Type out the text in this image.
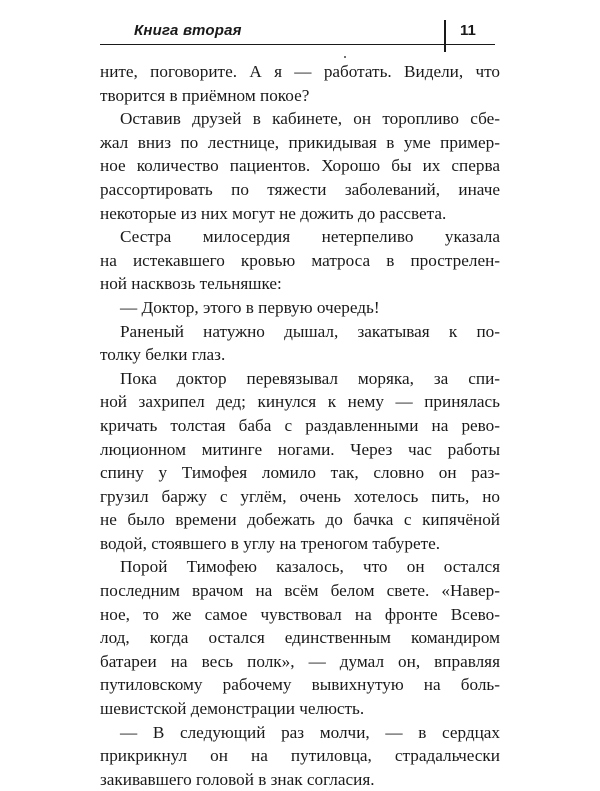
Книга вторая	11
ните, поговорите. А я — работать. Видели, что
творится в приёмном покое?
Оставив друзей в кабинете, он торопливо сбе-
жал вниз по лестнице, прикидывая в уме пример-
ное количество пациентов. Хорошо бы их сперва
рассортировать по тяжести заболеваний, иначе
некоторые из них могут не дожить до рассвета.
Сестра милосердия нетерпеливо указала
на истекавшего кровью матроса в прострелен-
ной насквозь тельняшке:
— Доктор, этого в первую очередь!
Раненый натужно дышал, закатывая к по-
толку белки глаз.
Пока доктор перевязывал моряка, за спи-
ной захрипел дед; кинулся к нему — принялась
кричать толстая баба с раздавленными на рево-
люционном митинге ногами. Через час работы
спину у Тимофея ломило так, словно он раз-
грузил баржу с углём, очень хотелось пить, но
не было времени добежать до бачка с кипячёной
водой, стоявшего в углу на треногом табурете.
Порой Тимофею казалось, что он остался
последним врачом на всём белом свете. «Навер-
ное, то же самое чувствовал на фронте Всево-
лод, когда остался единственным командиром
батареи на весь полк», — думал он, вправляя
путиловскому рабочему вывихнутую на боль-
шевистской демонстрации челюсть.
— В следующий раз молчи, — в сердцах
прикрикнул он на путиловца, страдальчески
закивавшего головой в знак согласия.
